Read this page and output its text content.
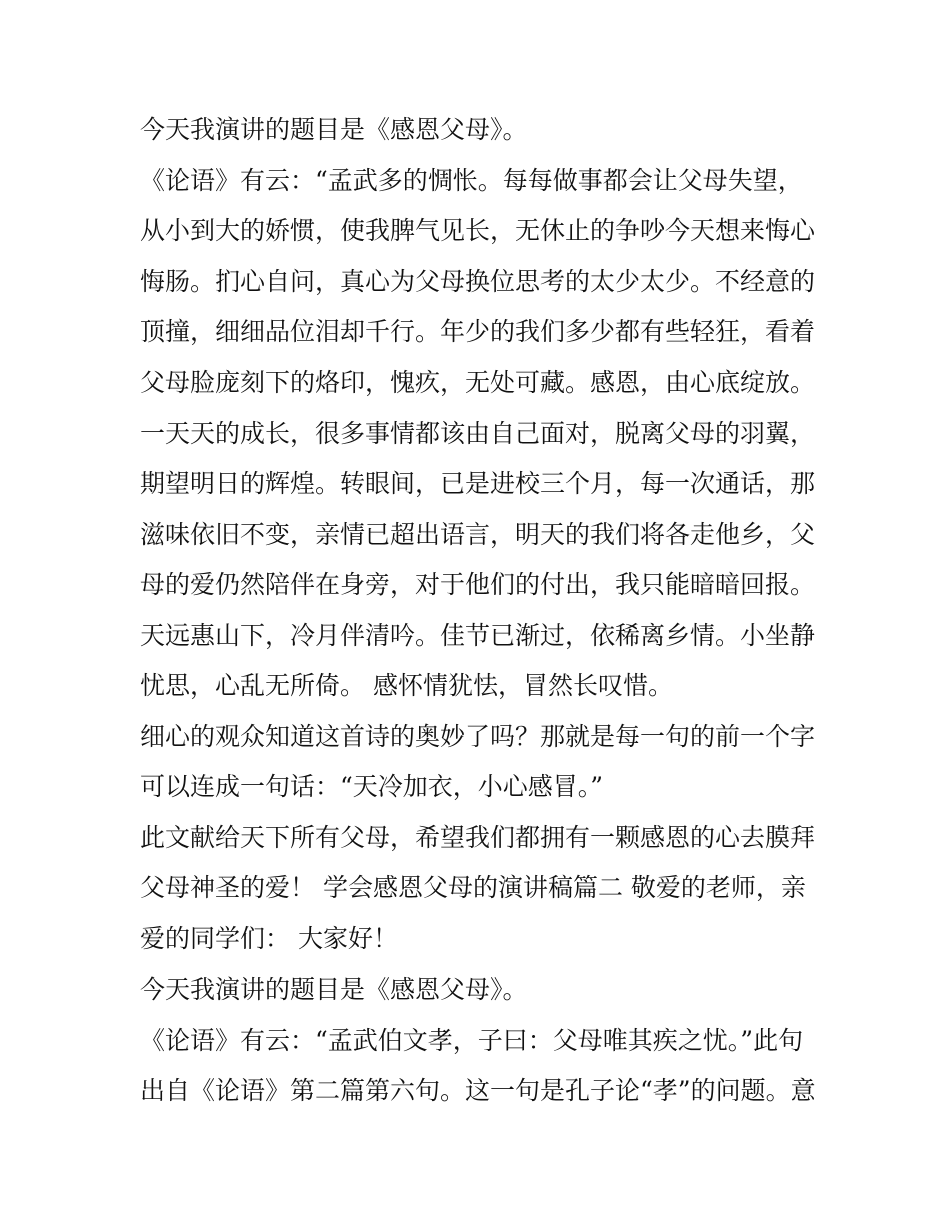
今天我演讲的题目是《感恩父母》。
《论语》有云：“孟武多的惆怅。每每做事都会让父母失望，
从小到大的娇惯，使我脾气见长，无休止的争吵今天想来悔心
悔肠。扪心自问，真心为父母换位思考的太少太少。不经意的
顶撞，细细品位泪却千行。年少的我们多少都有些轻狂，看着
父母脸庞刻下的烙印，愧疚，无处可藏。感恩，由心底绽放。
一天天的成长，很多事情都该由自己面对，脱离父母的羽翼，
期望明日的辉煌。转眼间，已是进校三个月，每一次通话，那
滋味依旧不变，亲情已超出语言，明天的我们将各走他乡，父
母的爱仍然陪伴在身旁，对于他们的付出，我只能暗暗回报。
天远惠山下，冷月伴清吟。佳节已渐过，依稀离乡情。小坐静
忧思，心乱无所倚。 感怀情犹怯，冒然长叹惜。
细心的观众知道这首诗的奥妙了吗？那就是每一句的前一个字
可以连成一句话：“天冷加衣，小心感冒。”
此文献给天下所有父母，希望我们都拥有一颗感恩的心去膜拜
父母神圣的爱！ 学会感恩父母的演讲稿篇二 敬爱的老师，亲
爱的同学们： 大家好！
今天我演讲的题目是《感恩父母》。
《论语》有云：“孟武伯文孝，子曰：父母唯其疾之忧。”此句
出自《论语》第二篇第六句。这一句是孔子论“孝”的问题。意
